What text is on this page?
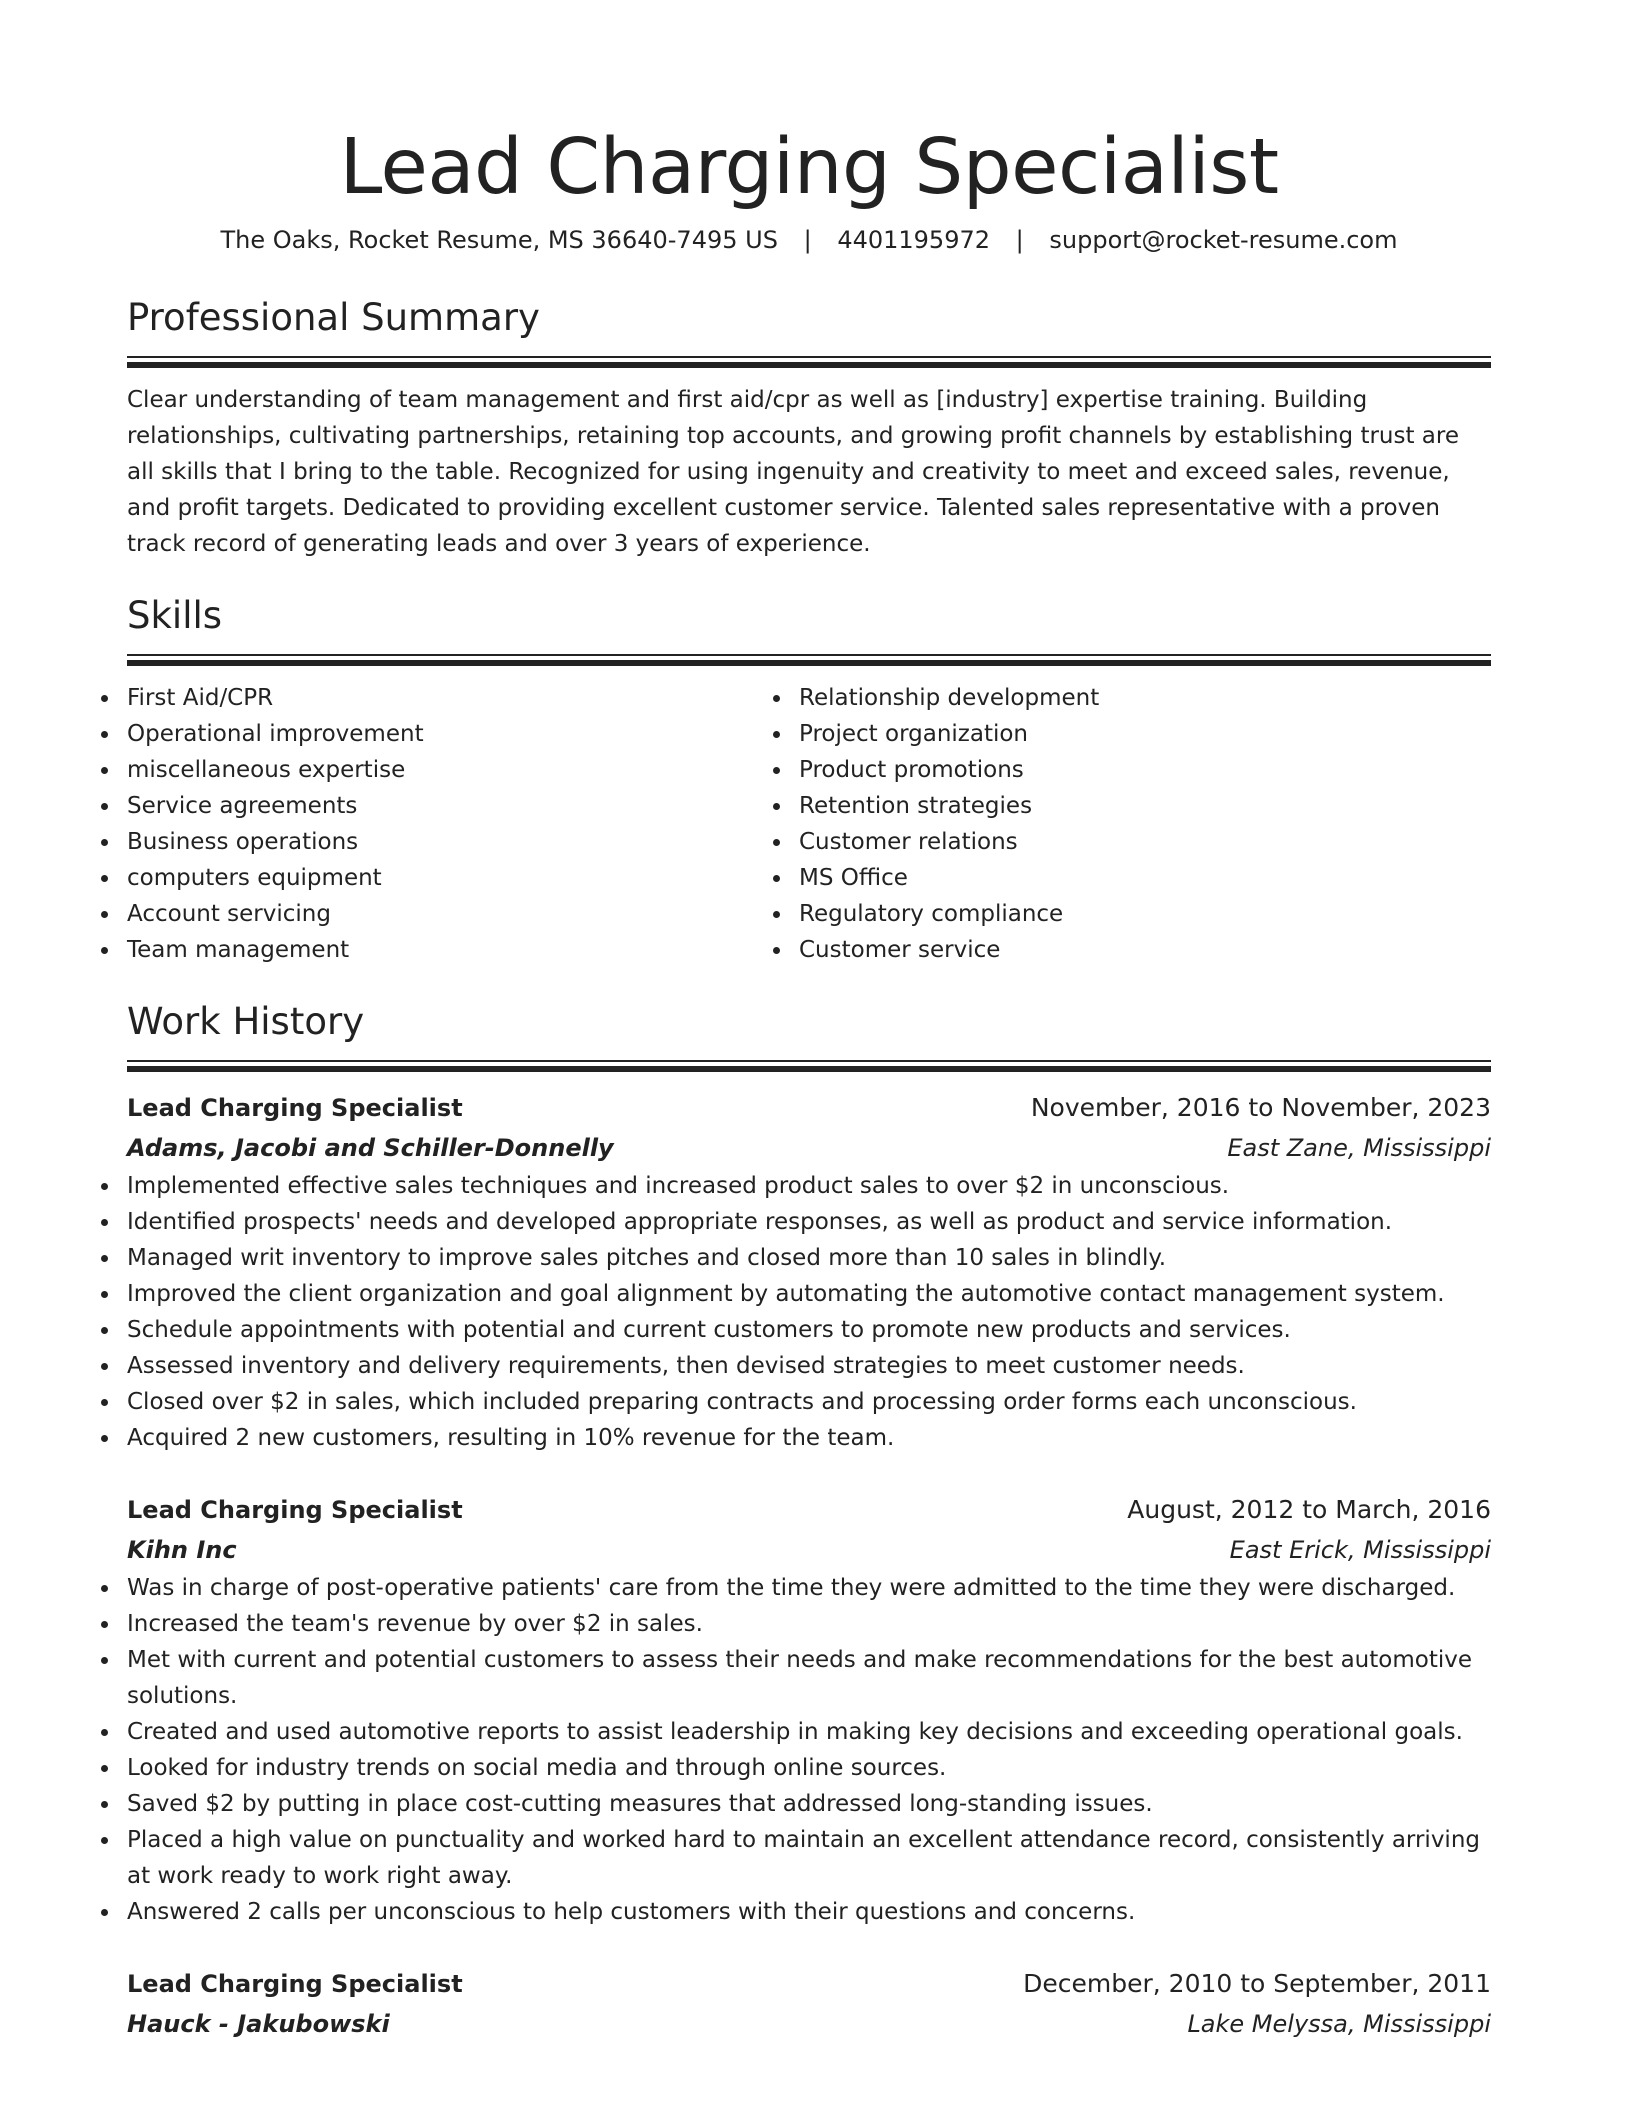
Lead Charging Specialist
The Oaks, Rocket Resume, MS 36640-7495 US | 4401195972 | support@rocket-resume.com
Professional Summary

Clear understanding of team management and first aid/cpr as well as [industry] expertise training. Building relationships, cultivating partnerships, retaining top accounts, and growing profit channels by establishing trust are all skills that I bring to the table. Recognized for using ingenuity and creativity to meet and exceed sales, revenue, and profit targets. Dedicated to providing excellent customer service. Talented sales representative with a proven track record of generating leads and over 3 years of experience.

Skills
First Aid/CPR
Operational improvement
miscellaneous expertise
Service agreements
Business operations
computers equipment
Account servicing
Team management
Relationship development
Project organization
Product promotions
Retention strategies
Customer relations
MS Office
Regulatory compliance
Customer service
Work History
Lead Charging Specialist	November, 2016 to November, 2023
Adams, Jacobi and Schiller-Donnelly	East Zane, Mississippi
Implemented effective sales techniques and increased product sales to over $2 in unconscious.
Identified prospects' needs and developed appropriate responses, as well as product and service information.
Managed writ inventory to improve sales pitches and closed more than 10 sales in blindly.
Improved the client organization and goal alignment by automating the automotive contact management system.
Schedule appointments with potential and current customers to promote new products and services.
Assessed inventory and delivery requirements, then devised strategies to meet customer needs.
Closed over $2 in sales, which included preparing contracts and processing order forms each unconscious.
Acquired 2 new customers, resulting in 10% revenue for the team.
Lead Charging Specialist	August, 2012 to March, 2016
Kihn Inc	East Erick, Mississippi
Was in charge of post-operative patients' care from the time they were admitted to the time they were discharged.
Increased the team's revenue by over $2 in sales.
Met with current and potential customers to assess their needs and make recommendations for the best automotive solutions.
Created and used automotive reports to assist leadership in making key decisions and exceeding operational goals.
Looked for industry trends on social media and through online sources.
Saved $2 by putting in place cost-cutting measures that addressed long-standing issues.
Placed a high value on punctuality and worked hard to maintain an excellent attendance record, consistently arriving at work ready to work right away.
Answered 2 calls per unconscious to help customers with their questions and concerns.
Lead Charging Specialist	December, 2010 to September, 2011
Hauck - Jakubowski	Lake Melyssa, Mississippi
